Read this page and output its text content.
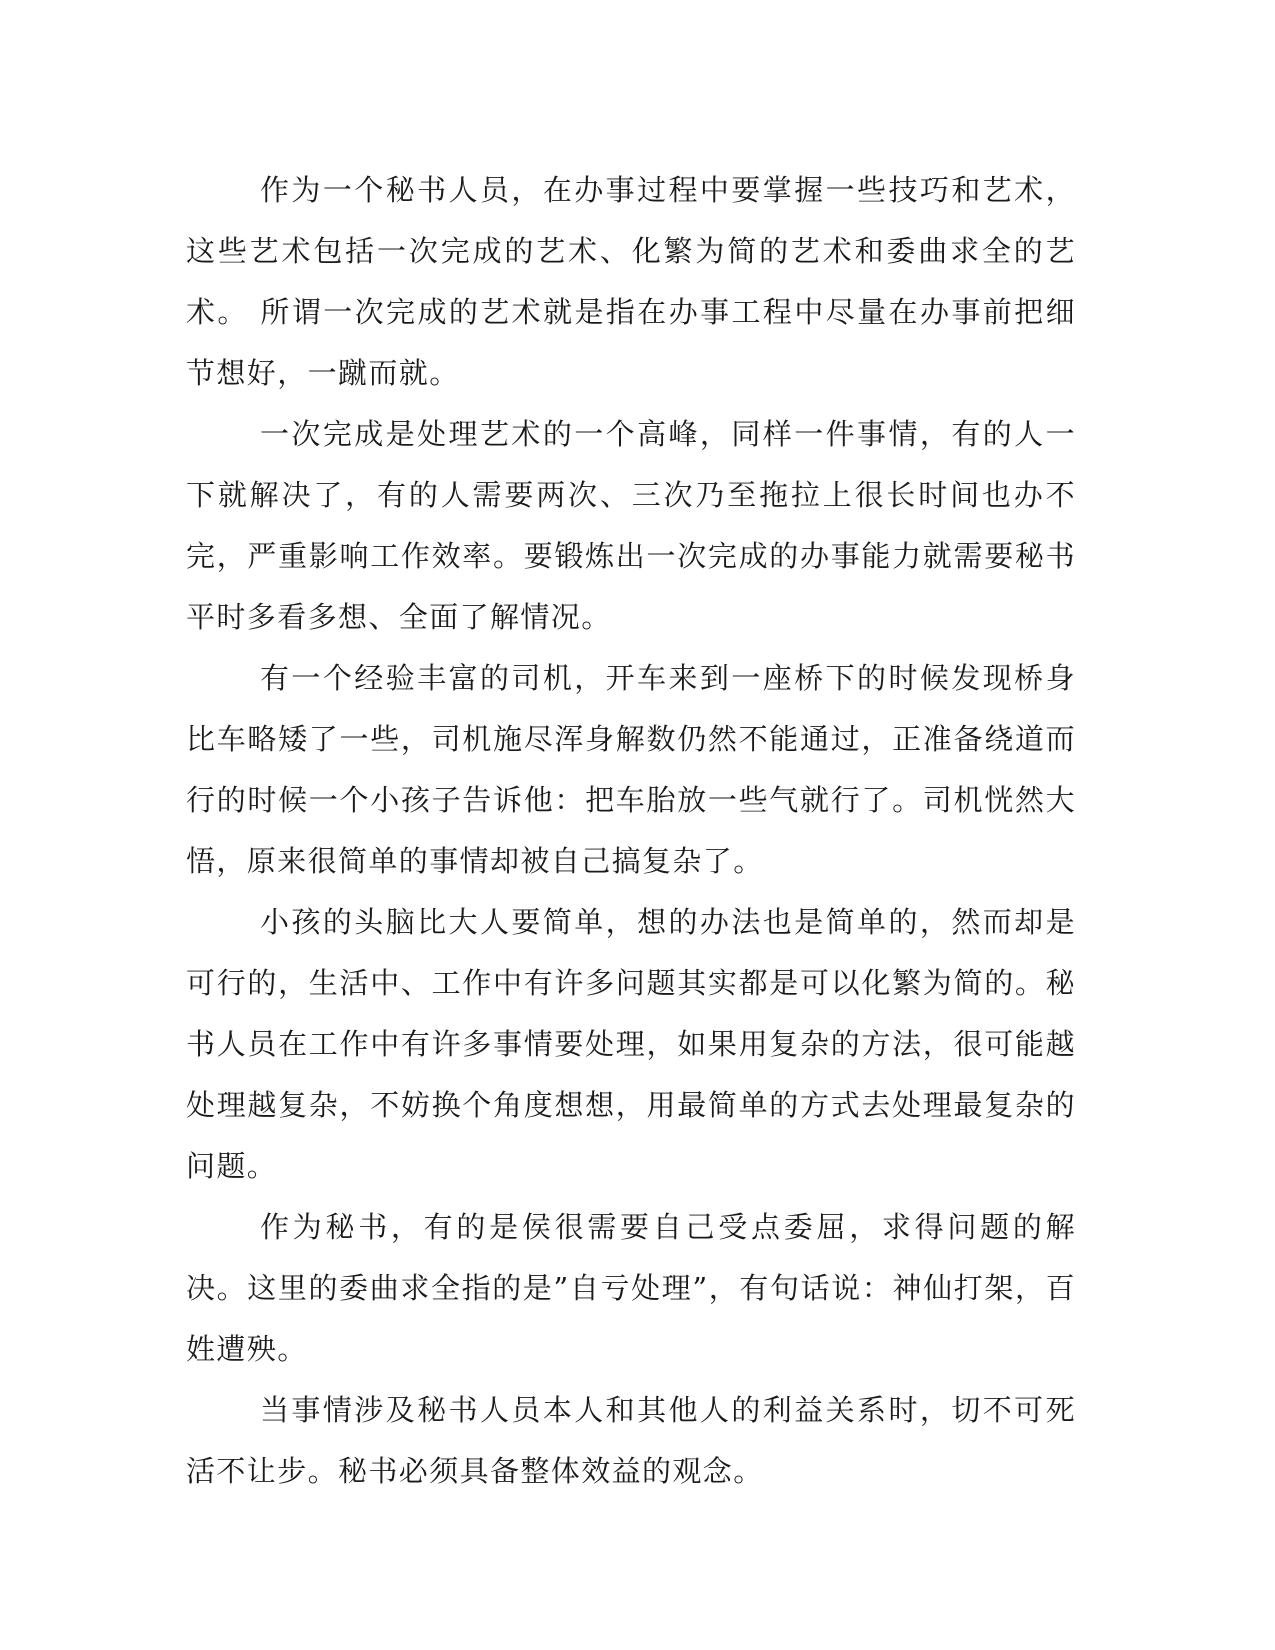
作为一个秘书人员，在办事过程中要掌握一些技巧和艺术，这些艺术包括一次完成的艺术、化繁为简的艺术和委曲求全的艺术。 所谓一次完成的艺术就是指在办事工程中尽量在办事前把细节想好，一蹴而就。

一次完成是处理艺术的一个高峰，同样一件事情，有的人一下就解决了，有的人需要两次、三次乃至拖拉上很长时间也办不完，严重影响工作效率。要锻炼出一次完成的办事能力就需要秘书平时多看多想、全面了解情况。

有一个经验丰富的司机，开车来到一座桥下的时候发现桥身比车略矮了一些，司机施尽浑身解数仍然不能通过，正准备绕道而行的时候一个小孩子告诉他：把车胎放一些气就行了。司机恍然大悟，原来很简单的事情却被自己搞复杂了。

小孩的头脑比大人要简单，想的办法也是简单的，然而却是可行的，生活中、工作中有许多问题其实都是可以化繁为简的。秘书人员在工作中有许多事情要处理，如果用复杂的方法，很可能越处理越复杂，不妨换个角度想想，用最简单的方式去处理最复杂的问题。

作为秘书，有的是侯很需要自己受点委屈，求得问题的解决。这里的委曲求全指的是”自亏处理”，有句话说：神仙打架，百姓遭殃。

当事情涉及秘书人员本人和其他人的利益关系时，切不可死活不让步。秘书必须具备整体效益的观念。
